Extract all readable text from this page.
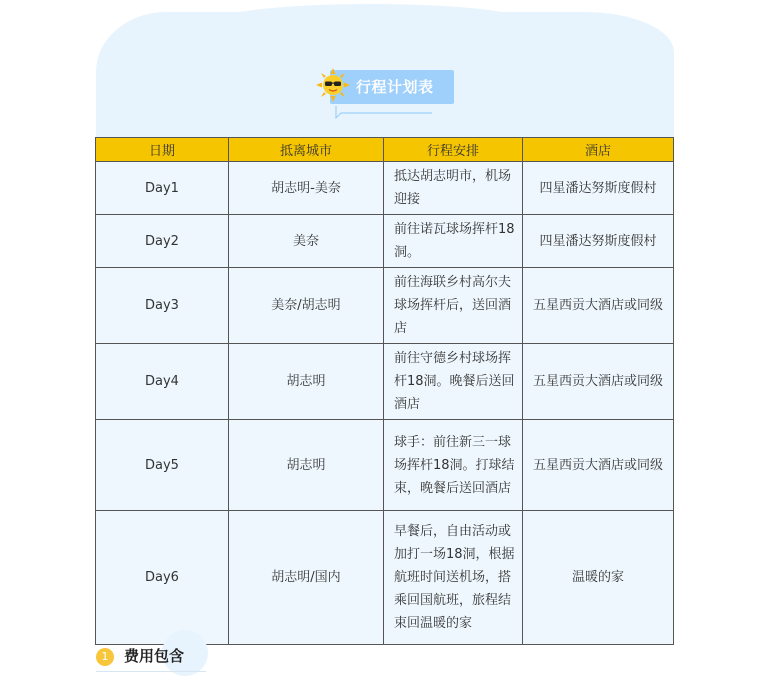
行程计划表
日期	抵离城市	行程安排	酒店
Day1	胡志明-美奈	抵达胡志明市，机场迎接	四星潘达努斯度假村
Day2	美奈	前往诺瓦球场挥杆18洞。	四星潘达努斯度假村
Day3	美奈/胡志明	前往海联乡村高尔夫球场挥杆后，送回酒店	五星西贡大酒店或同级
Day4	胡志明	前往守德乡村球场挥杆18洞。晚餐后送回酒店	五星西贡大酒店或同级
Day5	胡志明	球手：前往新三一球场挥杆18洞。打球结束，晚餐后送回酒店	五星西贡大酒店或同级
Day6	胡志明/国内	早餐后，自由活动或加打一场18洞，根据航班时间送机场，搭乘回国航班，旅程结束回温暖的家	温暖的家
1	费用包含
